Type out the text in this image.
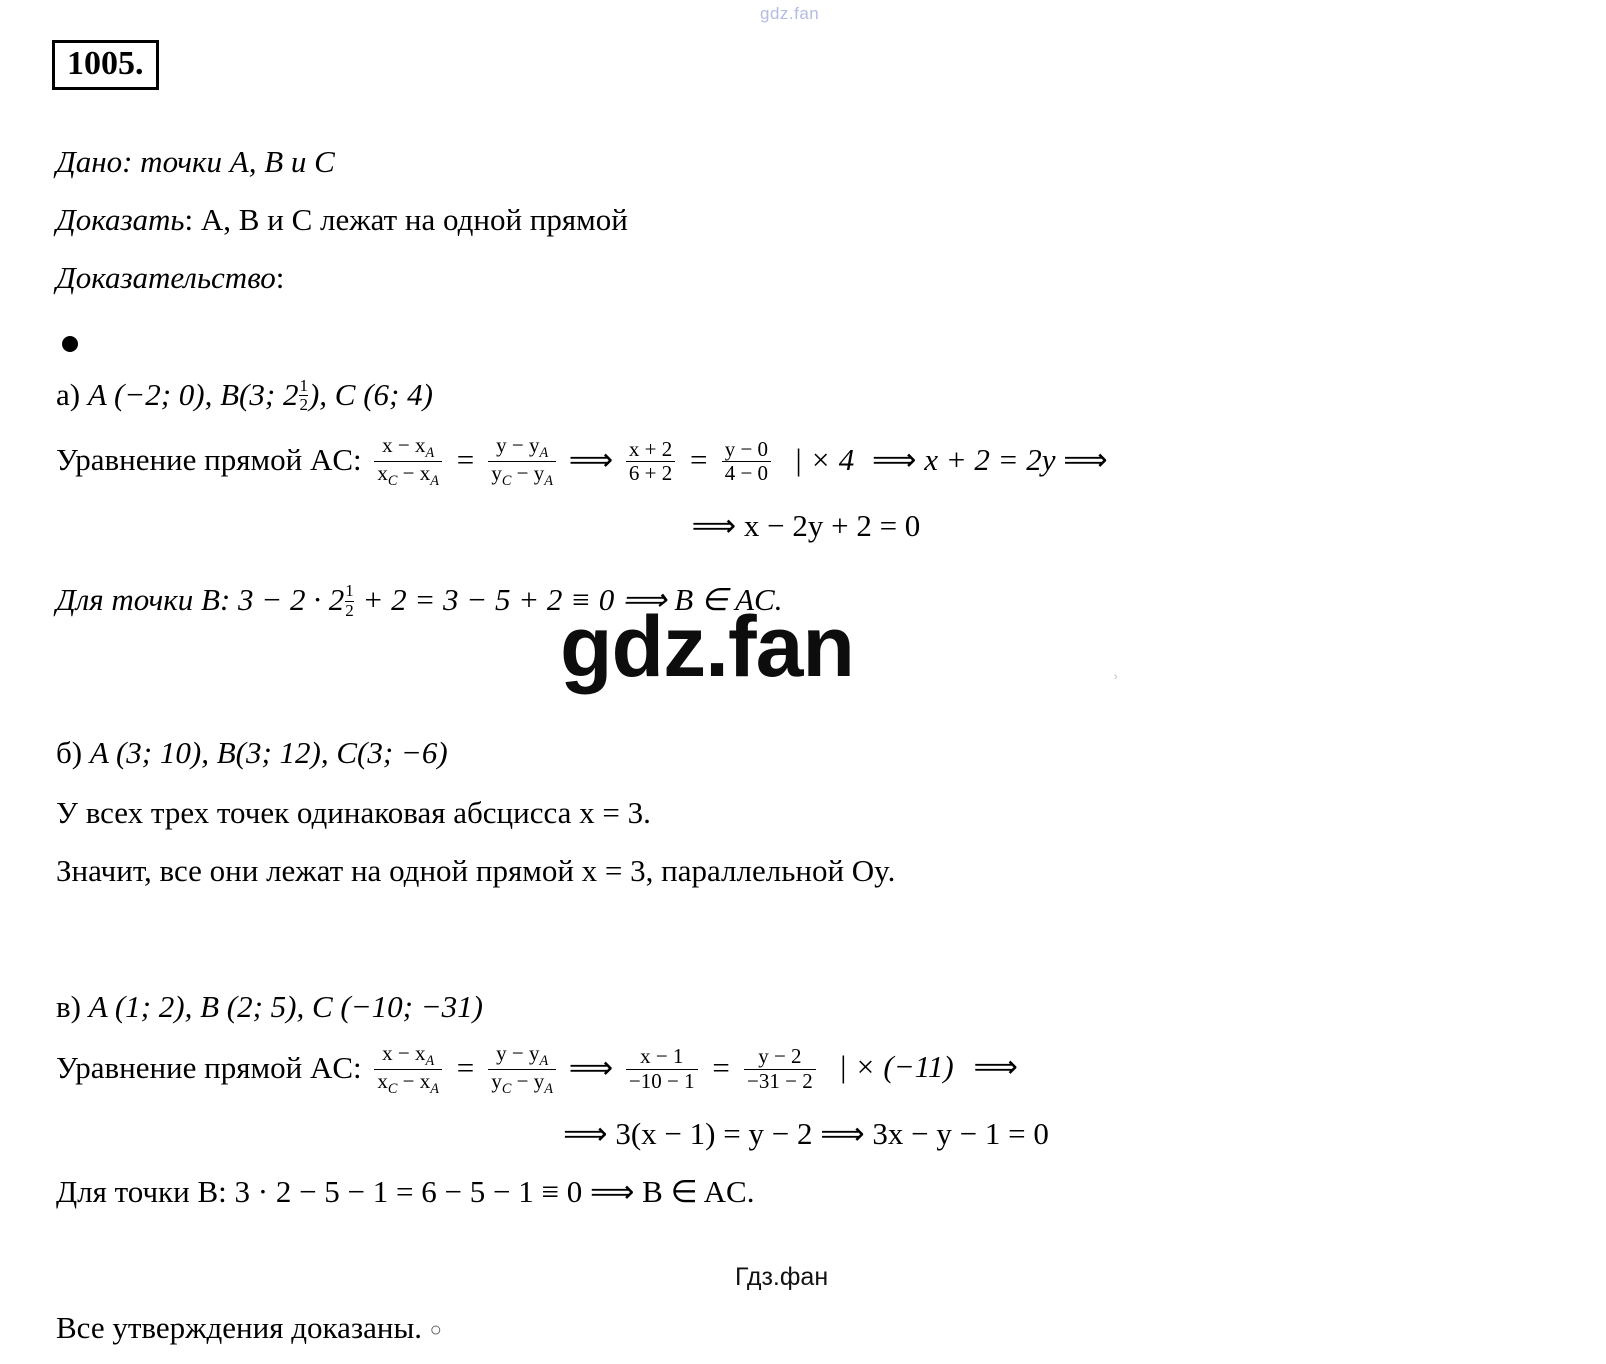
gdz.fan
1005.
Дано: точки A, B и C
Доказать: A, B и C лежат на одной прямой
Доказательство:
а) A (−2; 0), B(3; $2 \frac{1}{2}$ ), C (6; 4)
Уравнение прямой AC: $\frac{x - x_A}{x_C - x_A} = \frac{y - y_A}{y_C - y_A}$ ⟹ $\frac{x + 2}{6 + 2} = \frac{y - 0}{4 - 0}$ | × 4 ⟹ x + 2 = 2y ⟹
⟹ x − 2y + 2 = 0
Для точки B: $3 - 2 \cdot 2 \frac{1}{2} + 2 = 3 - 5 + 2 \equiv 0$ ⟹ B ∈ AC.
б) A (3; 10), B(3; 12), C(3; −6)
У всех трех точек одинаковая абсцисса x = 3.
Значит, все они лежат на одной прямой x = 3, параллельной Oy.
в) A (1; 2), B (2; 5), C (−10; −31)
Уравнение прямой AC: $\frac{x - x_A}{x_C - x_A} = \frac{y - y_A}{y_C - y_A}$ ⟹ $\frac{x - 1}{-10 - 1} = \frac{y - 2}{-31 - 2}$ | × (−11) ⟹
⟹ 3(x − 1) = y − 2 ⟹ 3x − y − 1 = 0
Для точки B: 3 · 2 − 5 − 1 = 6 − 5 − 1 ≡ 0 ⟹ B ∈ AC.
Все утверждения доказаны. ○
gdz.fan	˒
Гдз.фан
